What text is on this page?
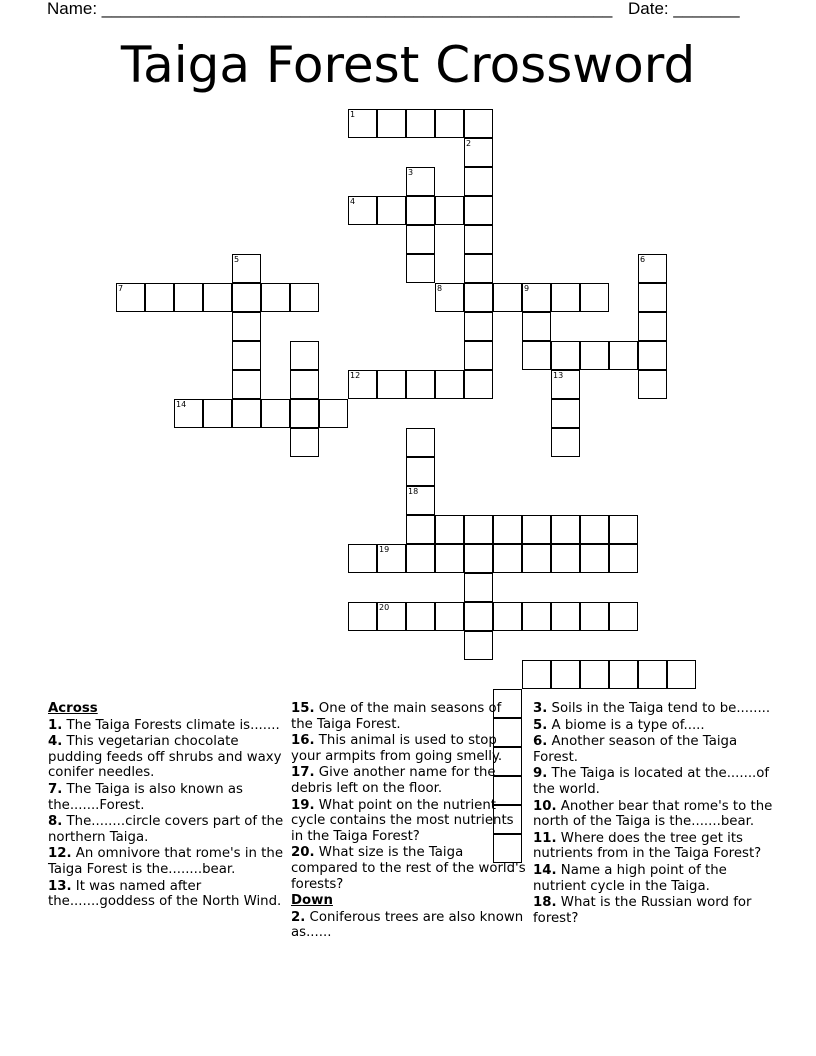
Name: ______________________________________________________ Date: _______
Taiga Forest Crossword
1
2
3
4
5
7	8	9
6
14
13
12
18
19
20
Across
1. The Taiga Forests climate is.......
4. This vegetarian chocolate pudding feeds off shrubs and waxy conifer needles.
7. The Taiga is also known as the.......Forest.
8. The........circle covers part of the northern Taiga.
12. An omnivore that rome's in the Taiga Forest is the........bear.
13. It was named after the.......goddess of the North Wind.
15. One of the main seasons of the Taiga Forest.
16. This animal is used to stop your armpits from going smelly.
17. Give another name for the debris left on the floor.
19. What point on the nutrient cycle contains the most nutrients in the Taiga Forest?
20. What size is the Taiga compared to the rest of the world's forests?
Down
2. Coniferous trees are also known as......
3. Soils in the Taiga tend to be........
5. A biome is a type of.....
6. Another season of the Taiga Forest.
9. The Taiga is located at the.......of the world.
10. Another bear that rome's to the north of the Taiga is the.......bear.
11. Where does the tree get its nutrients from in the Taiga Forest?
14. Name a high point of the nutrient cycle in the Taiga.
18. What is the Russian word for forest?
